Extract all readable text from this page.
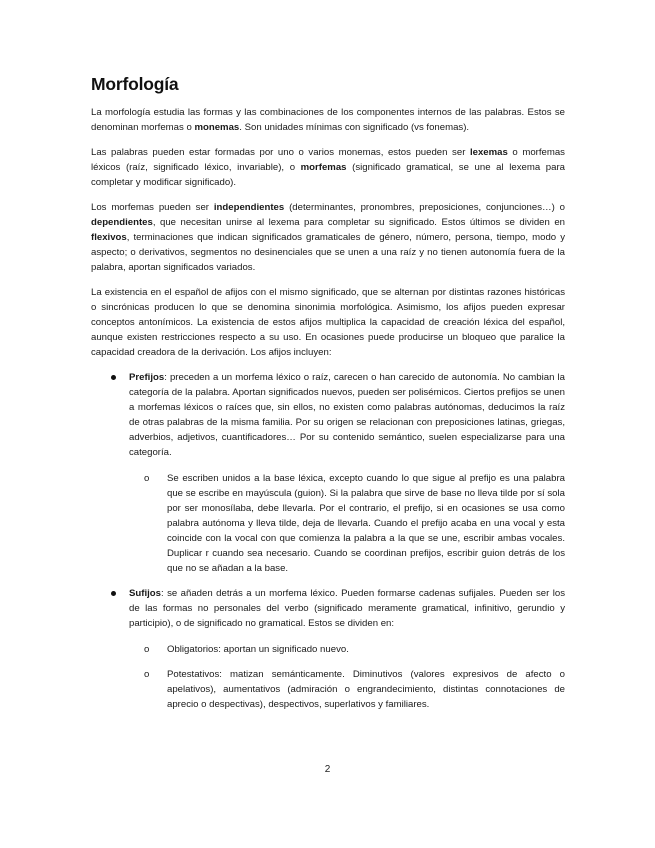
Morfología

La morfología estudia las formas y las combinaciones de los componentes internos de las palabras. Estos se denominan morfemas o monemas. Son unidades mínimas con significado (vs fonemas).

Las palabras pueden estar formadas por uno o varios monemas, estos pueden ser lexemas o morfemas léxicos (raíz, significado léxico, invariable), o morfemas (significado gramatical, se une al lexema para completar y modificar significado).

Los morfemas pueden ser independientes (determinantes, pronombres, preposiciones, conjunciones…) o dependientes, que necesitan unirse al lexema para completar su significado. Estos últimos se dividen en flexivos, terminaciones que indican significados gramaticales de género, número, persona, tiempo, modo y aspecto; o derivativos, segmentos no desinenciales que se unen a una raíz y no tienen autonomía fuera de la palabra, aportan significados variados.

La existencia en el español de afijos con el mismo significado, que se alternan por distintas razones históricas o sincrónicas producen lo que se denomina sinonimia morfológica. Asimismo, los afijos pueden expresar conceptos antonímicos. La existencia de estos afijos multiplica la capacidad de creación léxica del español, aunque existen restricciones respecto a su uso. En ocasiones puede producirse un bloqueo que paralice la capacidad creadora de la derivación. Los afijos incluyen:

Prefijos: preceden a un morfema léxico o raíz, carecen o han carecido de autonomía. No cambian la categoría de la palabra. Aportan significados nuevos, pueden ser polisémicos. Ciertos prefijos se unen a morfemas léxicos o raíces que, sin ellos, no existen como palabras autónomas, deducimos la raíz de otras palabras de la misma familia. Por su origen se relacionan con preposiciones latinas, griegas, adverbios, adjetivos, cuantificadores… Por su contenido semántico, suelen especializarse para una categoría.
o Se escriben unidos a la base léxica, excepto cuando lo que sigue al prefijo es una palabra que se escribe en mayúscula (guion). Si la palabra que sirve de base no lleva tilde por sí sola por ser monosílaba, debe llevarla. Por el contrario, el prefijo, si en ocasiones se usa como palabra autónoma y lleva tilde, deja de llevarla. Cuando el prefijo acaba en una vocal y esta coincide con la vocal con que comienza la palabra a la que se une, escribir ambas vocales. Duplicar r cuando sea necesario. Cuando se coordinan prefijos, escribir guion detrás de los que no se añadan a la base.
Sufijos: se añaden detrás a un morfema léxico. Pueden formarse cadenas sufijales. Pueden ser los de las formas no personales del verbo (significado meramente gramatical, infinitivo, gerundio y participio), o de significado no gramatical. Estos se dividen en:
o Obligatorios: aportan un significado nuevo.
o Potestativos: matizan semánticamente. Diminutivos (valores expresivos de afecto o apelativos), aumentativos (admiración o engrandecimiento, distintas connotaciones de aprecio o despectivas), despectivos, superlativos y familiares.
2
